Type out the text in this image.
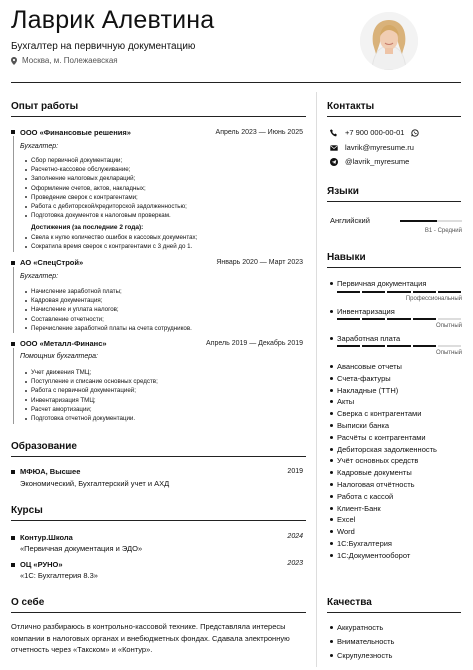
Лаврик Алевтина
Бухгалтер на первичную документацию
Москва, м. Полежаевская
Опыт работы
ООО «Финансовые решения»	Апрель 2023 — Июнь 2025
Бухгалтер:
Сбор первичной документации;
Расчетно-кассовое обслуживание;
Заполнение налоговых деклараций;
Оформление счетов, актов, накладных;
Проведение сверок с контрагентами;
Работа с дебиторской/кредиторской задолженностью;
Подготовка документов к налоговым проверкам.
Достижения (за последние 2 года):
Свела к нулю количество ошибок в кассовых документах;
Сократила время сверок с контрагентами с 3 дней до 1.
АО «СпецСтрой»	Январь 2020 — Март 2023
Бухгалтер:
Начисление заработной платы;
Кадровая документация;
Начисление и уплата налогов;
Составление отчетности;
Перечисление заработной платы на счета сотрудников.
ООО «Металл-Финанс»	Апрель 2019 — Декабрь 2019
Помощник бухгалтера:
Учет движения ТМЦ;
Поступление и списание основных средств;
Работа с первичной документацией;
Инвентаризация ТМЦ;
Расчет амортизации;
Подготовка отчетной документации.
Образование
МФЮА, Высшее	2019
Экономический, Бухгалтерский учет и АХД
Курсы
Контур.Школа	2024
«Первичная документация и ЭДО»
ОЦ «РУНО»	2023
«1С: Бухгалтерия 8.3»
О себе
Отлично разбираюсь в контрольно-кассовой технике. Представляла интересы компании в налоговых органах и внебюджетных фондах. Сдавала электронную отчетность через «Такском» и «Контур».
Контакты
+7 900 000-00-01
lavrik@myresume.ru
@lavrik_myresume
Языки
Английский
B1 - Средний
Навыки
Первичная документация
Профессиональный
Инвентаризация
Опытный
Заработная плата
Опытный
Авансовые отчеты
Счета-фактуры
Накладные (ТТН)
Акты
Сверка с контрагентами
Выписки банка
Расчёты с контрагентами
Дебиторская задолженность
Учёт основных средств
Кадровые документы
Налоговая отчётность
Работа с кассой
Клиент-Банк
Excel
Word
1С:Бухгалтерия
1С:Документооборот
Качества
Аккуратность
Внимательность
Скрупулезность
